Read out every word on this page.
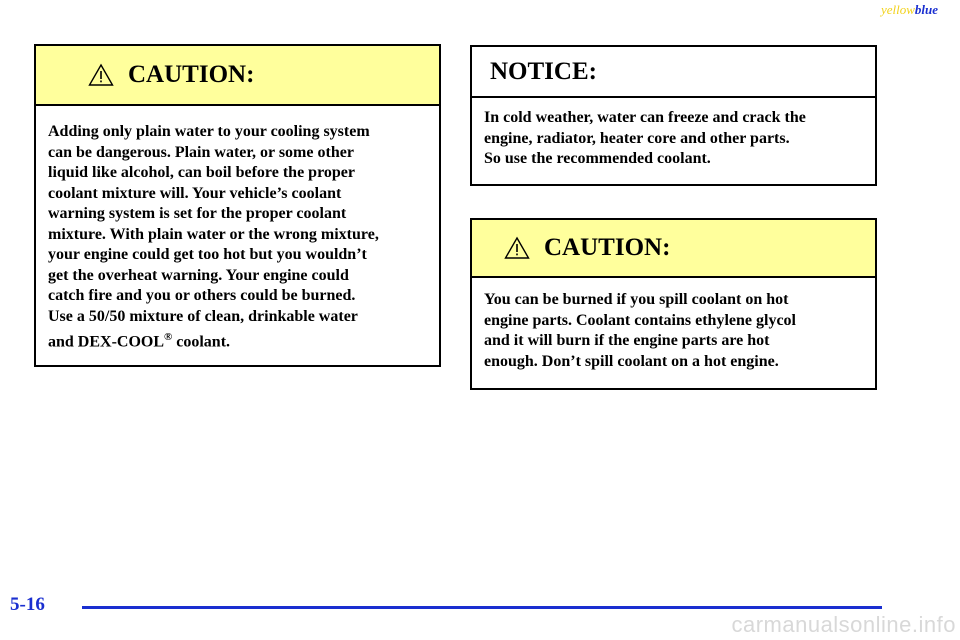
yellowblue
CAUTION:
Adding only plain water to your cooling system
can be dangerous. Plain water, or some other
liquid like alcohol, can boil before the proper
coolant mixture will. Your vehicle’s coolant
warning system is set for the proper coolant
mixture. With plain water or the wrong mixture,
your engine could get too hot but you wouldn’t
get the overheat warning. Your engine could
catch fire and you or others could be burned.
Use a 50/50 mixture of clean, drinkable water
and DEX-COOL® coolant.
NOTICE:
In cold weather, water can freeze and crack the
engine, radiator, heater core and other parts.
So use the recommended coolant.
CAUTION:
You can be burned if you spill coolant on hot
engine parts. Coolant contains ethylene glycol
and it will burn if the engine parts are hot
enough. Don’t spill coolant on a hot engine.
5-16
carmanualsonline.info
